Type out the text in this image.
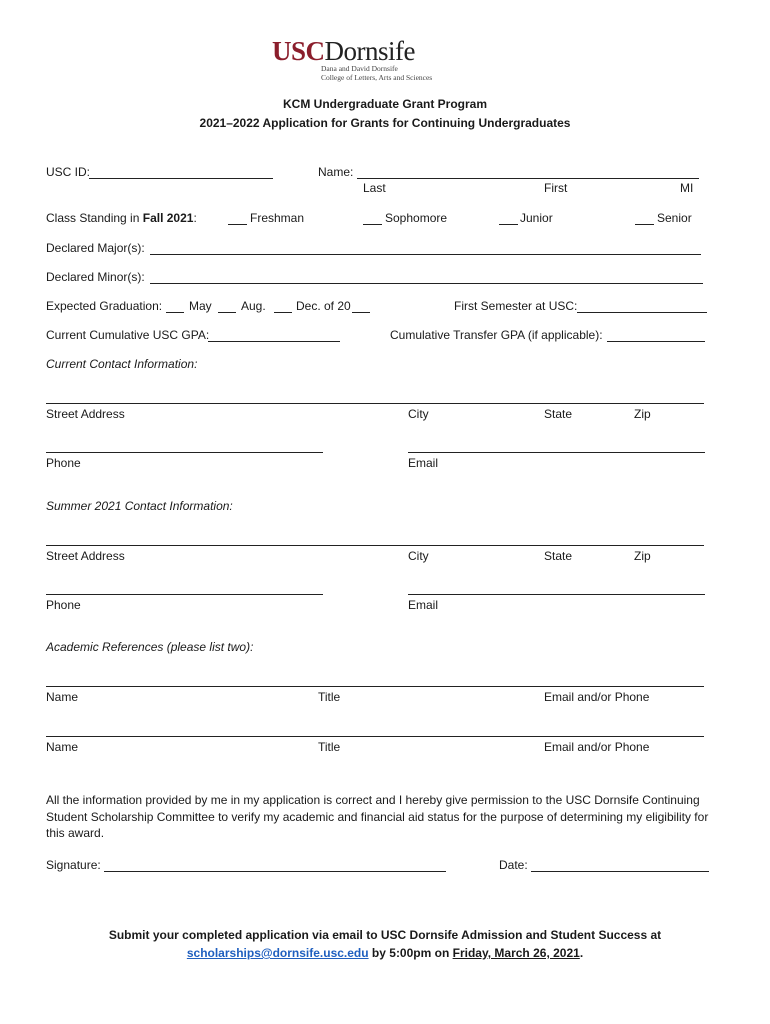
USCDornsife
Dana and David Dornsife
College of Letters, Arts and Sciences
KCM Undergraduate Grant Program
2021–2022 Application for Grants for Continuing Undergraduates
USC ID:	Name:
Last	First	MI
Class Standing in Fall 2021:	Freshman	Sophomore	Junior	Senior
Declared Major(s):
Declared Minor(s):
Expected Graduation: May Aug.	Dec. of 20	First Semester at USC:
Current Cumulative USC GPA:	Cumulative Transfer GPA (if applicable):
Current Contact Information:
Street Address	City	State	Zip
Phone	Email
Summer 2021 Contact Information:
Street Address	City	State	Zip
Phone	Email
Academic References (please list two):
Name	Title	Email and/or Phone
Name	Title	Email and/or Phone
All the information provided by me in my application is correct and I hereby give permission to the USC Dornsife Continuing Student Scholarship Committee to verify my academic and financial aid status for the purpose of determining my eligibility for this award.
Signature:	Date:
Submit your completed application via email to USC Dornsife Admission and Student Success at
scholarships@dornsife.usc.edu by 5:00pm on Friday, March 26, 2021.
